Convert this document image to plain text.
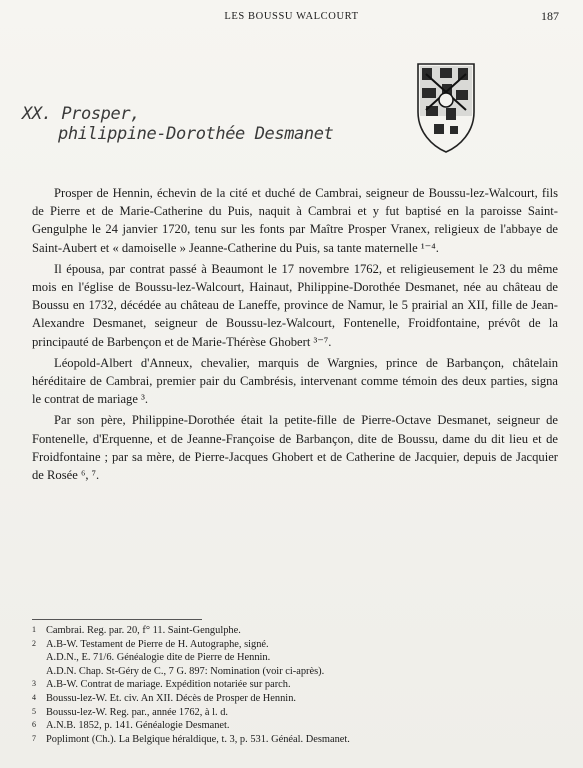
LES BOUSSU WALCOURT	187
XX. Prosper,
philippine-Dorothée Desmanet

Prosper de Hennin, échevin de la cité et duché de Cambrai, seigneur de Boussu-lez-Walcourt, fils de Pierre et de Marie-Catherine du Puis, naquit à Cambrai et y fut baptisé en la paroisse Saint-Gengulphe le 24 janvier 1720, tenu sur les fonts par Maître Prosper Vranex, religieux de l'abbaye de Saint-Aubert et « damoiselle » Jeanne-Catherine du Puis, sa tante maternelle ¹⁻⁴.

Il épousa, par contrat passé à Beaumont le 17 novembre 1762, et religieusement le 23 du même mois en l'église de Boussu-lez-Walcourt, Hainaut, Philippine-Dorothée Desmanet, née au château de Boussu en 1732, décédée au château de Laneffe, province de Namur, le 5 prairial an XII, fille de Jean-Alexandre Desmanet, seigneur de Boussu-lez-Walcourt, Fontenelle, Froidfontaine, prévôt de la principauté de Barbençon et de Marie-Thérèse Ghobert ³⁻⁷.

Léopold-Albert d'Anneux, chevalier, marquis de Wargnies, prince de Barbançon, châtelain héréditaire de Cambrai, premier pair du Cambrésis, intervenant comme témoin des deux parties, signa le contrat de mariage ³.

Par son père, Philippine-Dorothée était la petite-fille de Pierre-Octave Desmanet, seigneur de Fontenelle, d'Erquenne, et de Jeanne-Françoise de Barbançon, dite de Boussu, dame du dit lieu et de Froidfontaine ; par sa mère, de Pierre-Jacques Ghobert et de Catherine de Jacquier, depuis de Jacquier de Rosée ⁶, ⁷.

1 Cambrai. Reg. par. 20, f° 11. Saint-Gengulphe.
2 A.B-W. Testament de Pierre de H. Autographe, signé.
A.D.N., E. 71/6. Généalogie dite de Pierre de Hennin.
A.D.N. Chap. St-Géry de C., 7 G. 897: Nomination (voir ci-après).
3 A.B-W. Contrat de mariage. Expédition notariée sur parch.
4 Boussu-lez-W. Et. civ. An XII. Décès de Prosper de Hennin.
5 Boussu-lez-W. Reg. par., année 1762, à l. d.
6 A.N.B. 1852, p. 141. Généalogie Desmanet.
7 Poplimont (Ch.). La Belgique héraldique, t. 3, p. 531. Généal. Desmanet.
